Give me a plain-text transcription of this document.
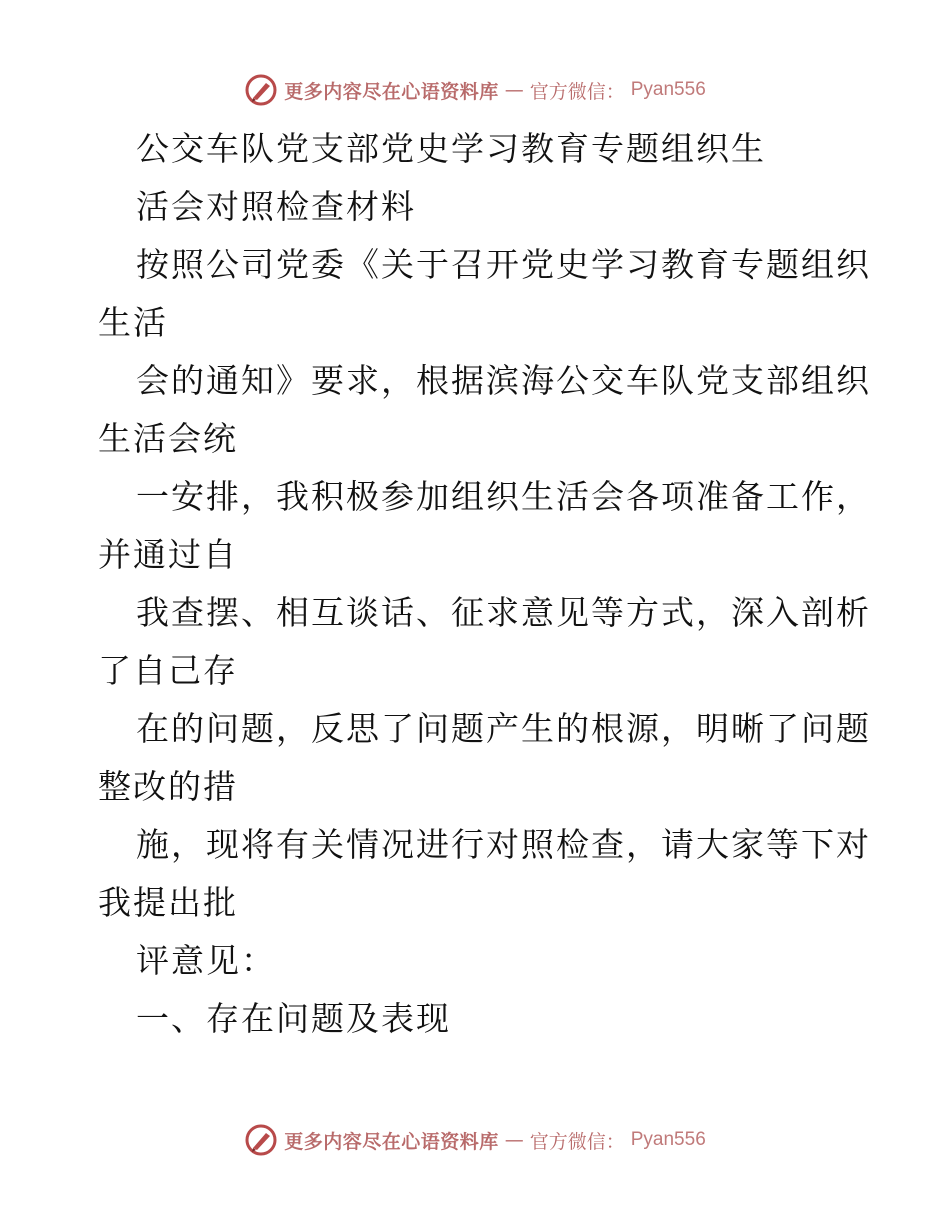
更多内容尽在心语资料库 — 官方微信： Pyan556
公交车队党支部党史学习教育专题组织生
活会对照检查材料
按照公司党委《关于召开党史学习教育专题组织
生活
会的通知》要求，根据滨海公交车队党支部组织
生活会统
一安排，我积极参加组织生活会各项准备工作，
并通过自
我查摆、相互谈话、征求意见等方式，深入剖析
了自己存
在的问题，反思了问题产生的根源，明晰了问题
整改的措
施，现将有关情况进行对照检查，请大家等下对
我提出批
评意见：
一、存在问题及表现
更多内容尽在心语资料库 — 官方微信： Pyan556
